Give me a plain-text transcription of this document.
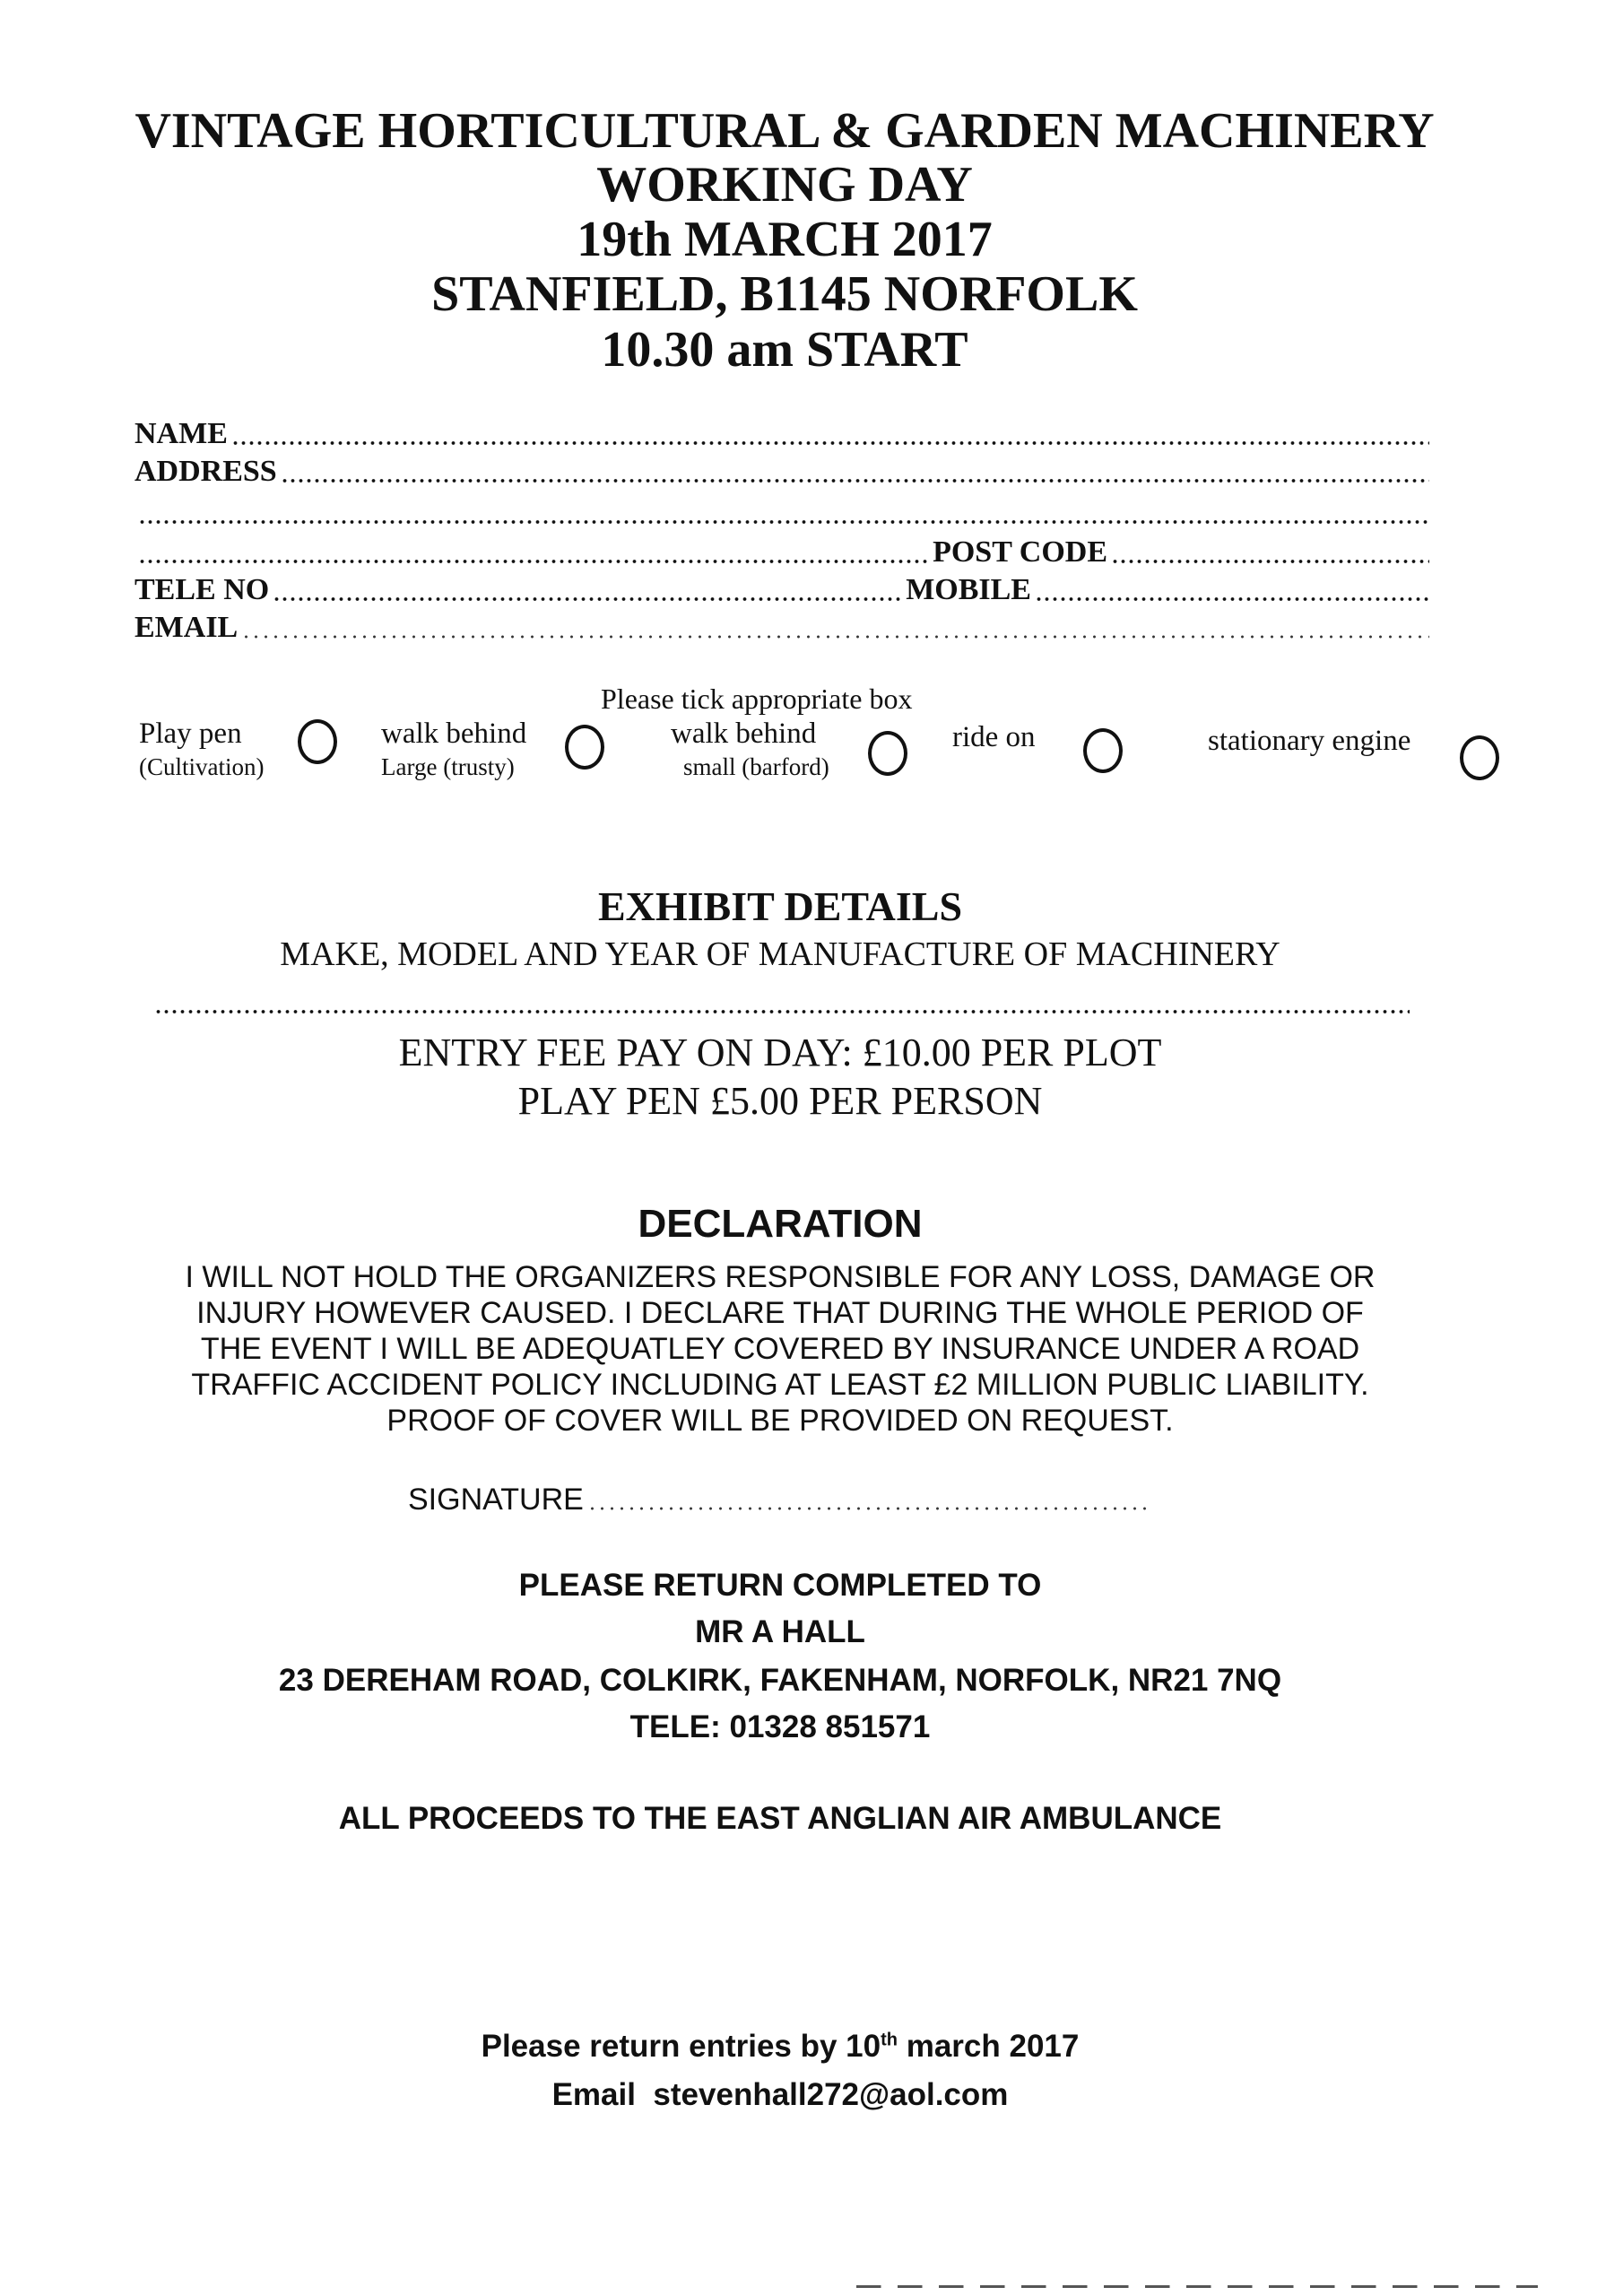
VINTAGE HORTICULTURAL & GARDEN MACHINERY
WORKING DAY
19th MARCH 2017
STANFIELD, B1145 NORFOLK
10.30 am START
NAME
ADDRESS
POST CODE
TELE NO	MOBILE
EMAIL
Please tick appropriate box
Play pen
(Cultivation)
walk behind
Large (trusty)
walk behind
small (barford)
ride on	stationary engine
EXHIBIT DETAILS
MAKE, MODEL AND YEAR OF MANUFACTURE OF MACHINERY
ENTRY FEE PAY ON DAY: £10.00 PER PLOT
PLAY PEN £5.00 PER PERSON
DECLARATION
I WILL NOT HOLD THE ORGANIZERS RESPONSIBLE FOR ANY LOSS, DAMAGE OR
INJURY HOWEVER CAUSED. I DECLARE THAT DURING THE WHOLE PERIOD OF
THE EVENT I WILL BE ADEQUATLEY COVERED BY INSURANCE UNDER A ROAD
TRAFFIC ACCIDENT POLICY INCLUDING AT LEAST £2 MILLION PUBLIC LIABILITY.
PROOF OF COVER WILL BE PROVIDED ON REQUEST.
SIGNATURE
PLEASE RETURN COMPLETED TO
MR A HALL
23 DEREHAM ROAD, COLKIRK, FAKENHAM, NORFOLK, NR21 7NQ
TELE: 01328 851571
ALL PROCEEDS TO THE EAST ANGLIAN AIR AMBULANCE
Please return entries by 10th march 2017
Email stevenhall272@aol.com
